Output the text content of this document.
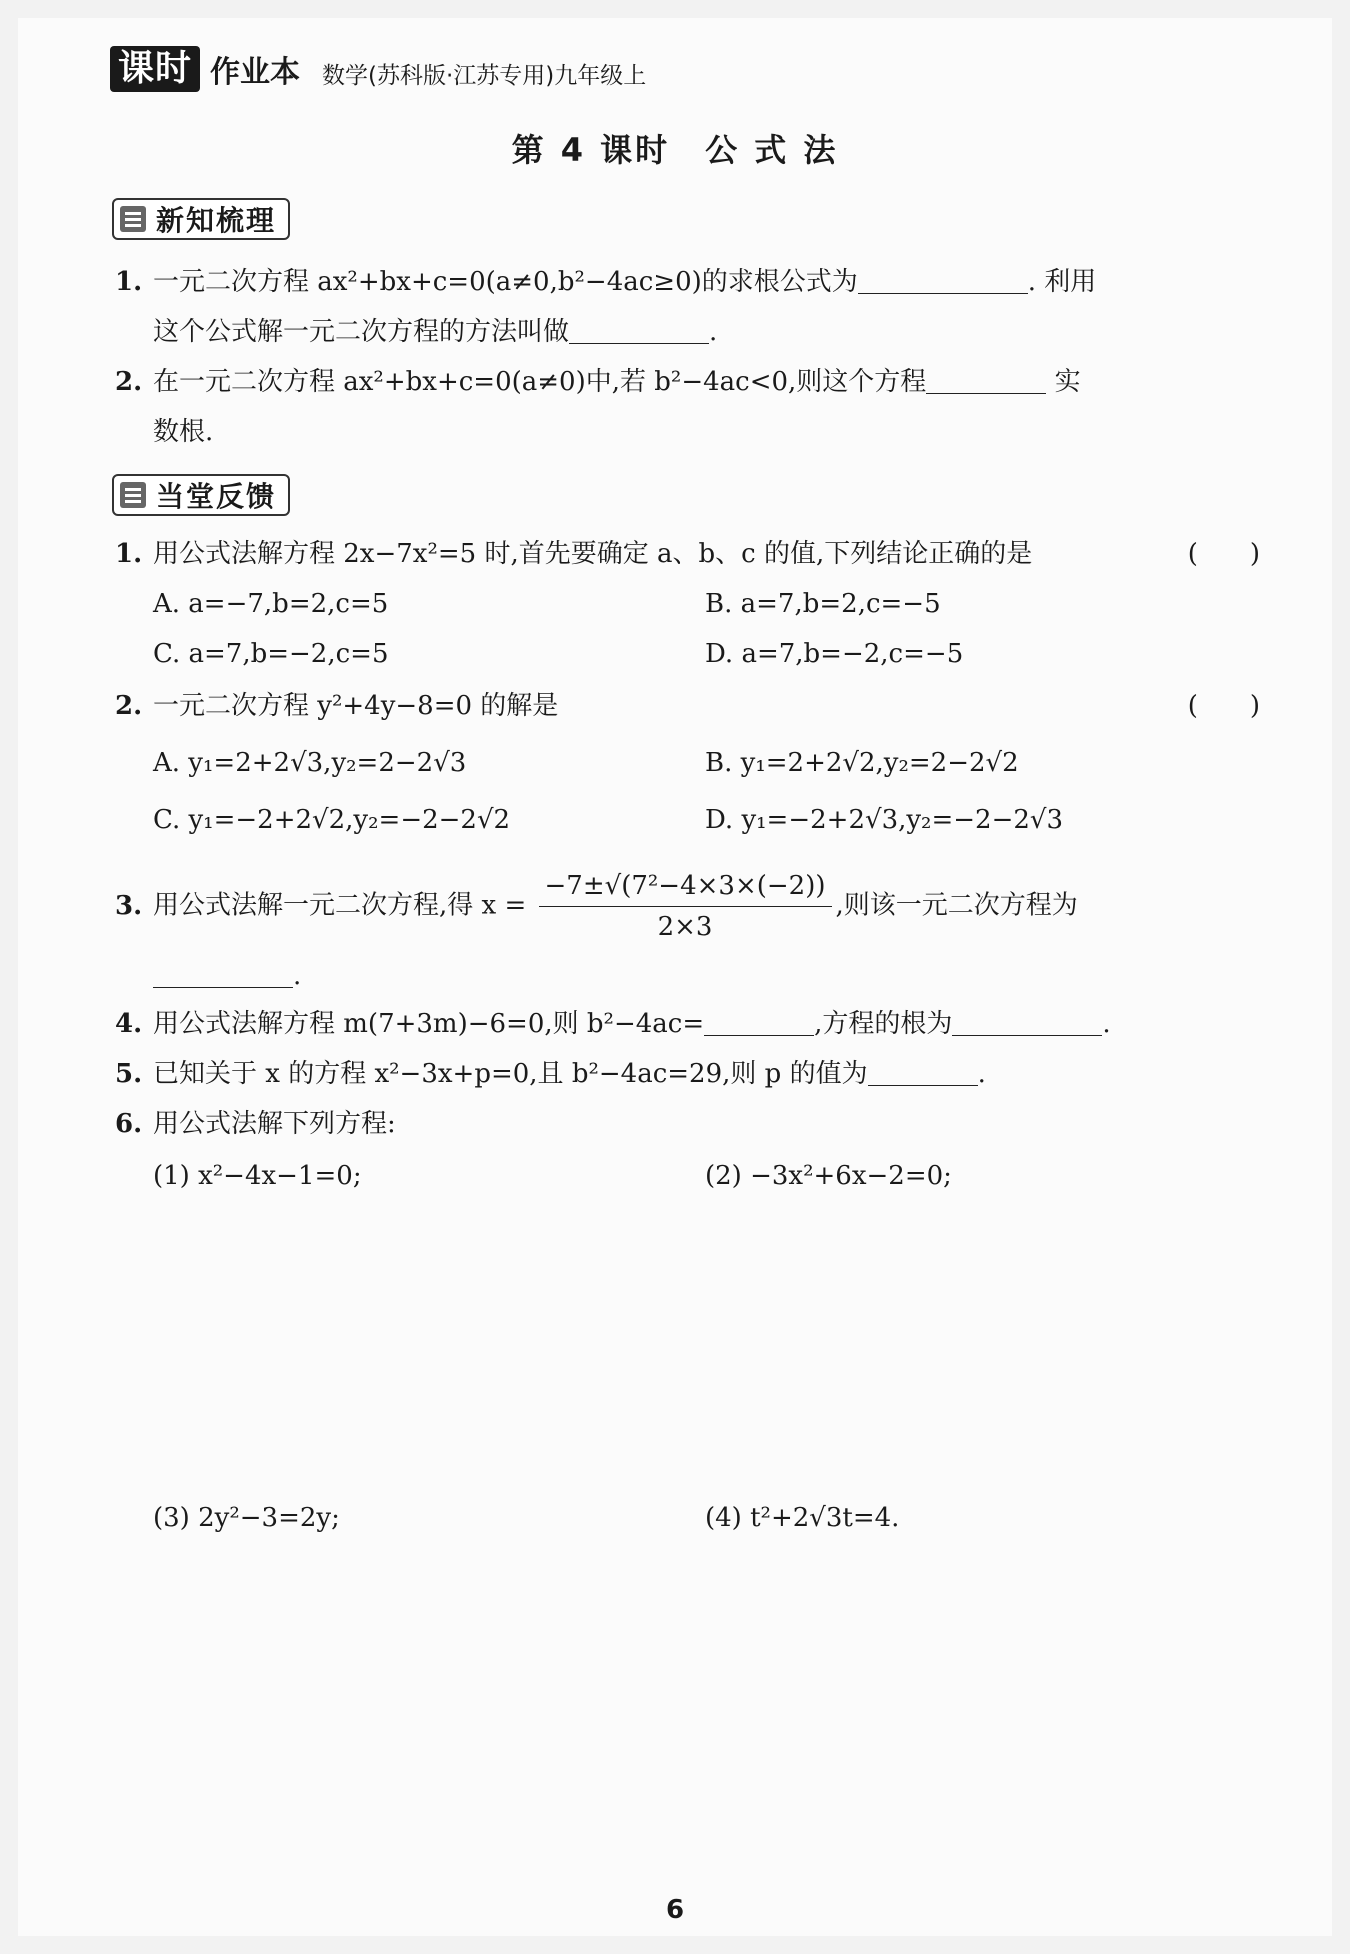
课时 作业本 数学(苏科版·江苏专用)九年级上
第 4 课时　公 式 法
新知梳理
1. 一元二次方程 ax²+bx+c=0(a≠0,b²−4ac≥0)的求根公式为	. 利用
这个公式解一元二次方程的方法叫做	.
2. 在一元二次方程 ax²+bx+c=0(a≠0)中,若 b²−4ac<0,则这个方程	实
数根.
当堂反馈
1. 用公式法解方程 2x−7x²=5 时,首先要确定 a、b、c 的值,下列结论正确的是	(　　)
A. a=−7,b=2,c=5	B. a=7,b=2,c=−5
C. a=7,b=−2,c=5	D. a=7,b=−2,c=−5
2. 一元二次方程 y²+4y−8=0 的解是	(　　)
A. y₁=2+2√3,y₂=2−2√3	B. y₁=2+2√2,y₂=2−2√2
C. y₁=−2+2√2,y₂=−2−2√2	D. y₁=−2+2√3,y₂=−2−2√3
3. 用公式法解一元二次方程,得 $x = \frac{\text{−7±√(7²−4×3×(−2))}}{2\times 3}$ ,则该一元二次方程为
.
4. 用公式法解方程 m(7+3m)−6=0,则 b²−4ac=	,方程的根为	.
5. 已知关于 x 的方程 x²−3x+p=0,且 b²−4ac=29,则 p 的值为	.
6. 用公式法解下列方程:
(1) x²−4x−1=0;	(2) −3x²+6x−2=0;
(3) 2y²−3=2y;	(4) t²+2√3t=4.
6
